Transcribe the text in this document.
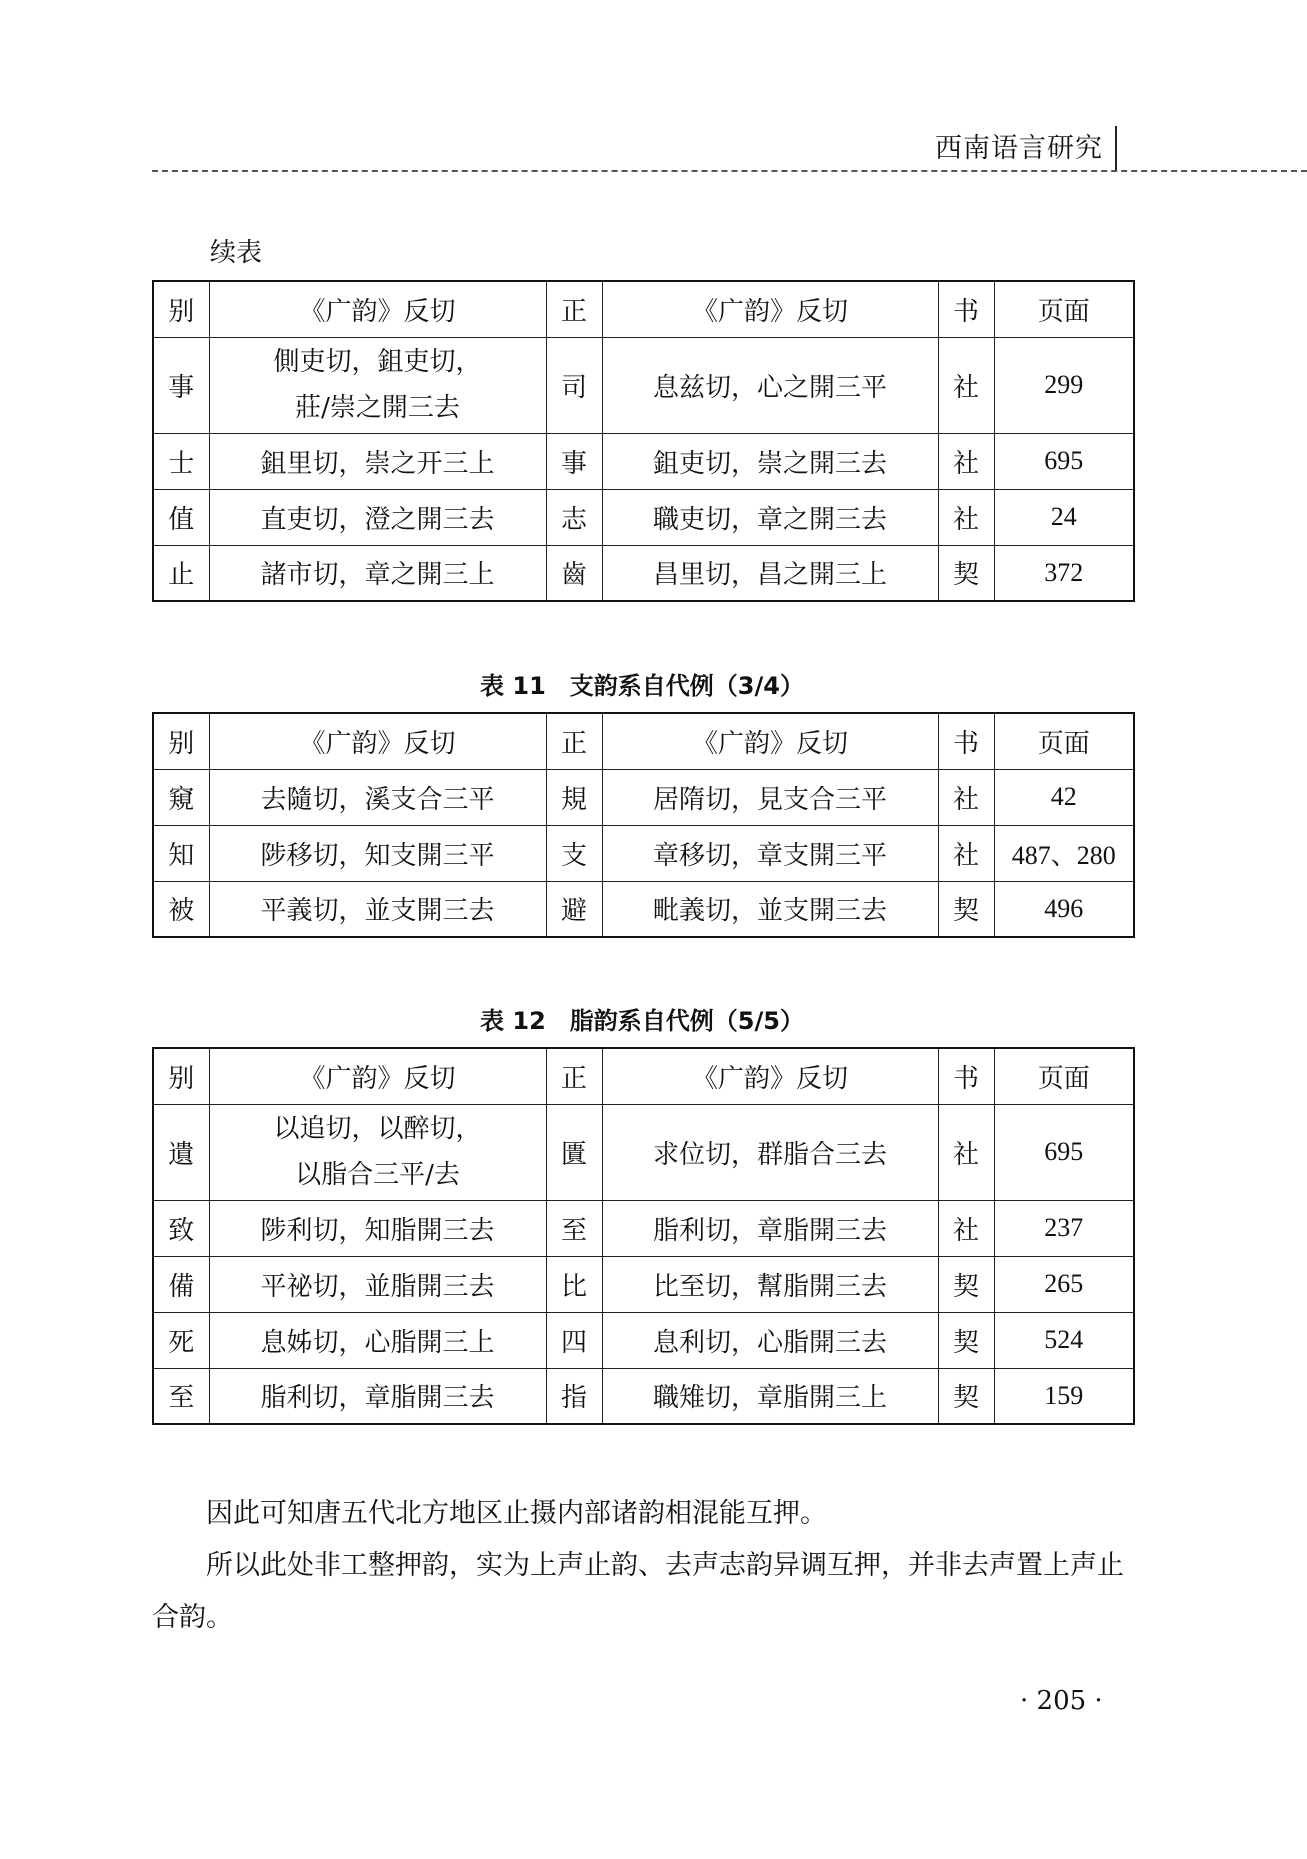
西南语言研究
续表
别	《广韵》反切	正	《广韵》反切	书	页面
事	側吏切，鉏吏切，
莊/崇之開三去	司	息兹切，心之開三平	社	299
士	鉏里切，崇之开三上	事	鉏吏切，崇之開三去	社	695
值	直吏切，澄之開三去	志	職吏切，章之開三去	社	24
止	諸市切，章之開三上	齒	昌里切，昌之開三上	契	372
表 11　支韵系自代例（3/4）
别	《广韵》反切	正	《广韵》反切	书	页面
窺	去隨切，溪支合三平	規	居隋切，見支合三平	社	42
知	陟移切，知支開三平	支	章移切，章支開三平	社	487、280
被	平義切，並支開三去	避	毗義切，並支開三去	契	496
表 12　脂韵系自代例（5/5）
别	《广韵》反切	正	《广韵》反切	书	页面
遺	以追切，以醉切，
以脂合三平/去	匱	求位切，群脂合三去	社	695
致	陟利切，知脂開三去	至	脂利切，章脂開三去	社	237
備	平祕切，並脂開三去	比	比至切，幫脂開三去	契	265
死	息姊切，心脂開三上	四	息利切，心脂開三去	契	524
至	脂利切，章脂開三去	指	職雉切，章脂開三上	契	159
因此可知唐五代北方地区止摄内部诸韵相混能互押。
所以此处非工整押韵，实为上声止韵、去声志韵异调互押，并非去声置上声止合韵。
· 205 ·
